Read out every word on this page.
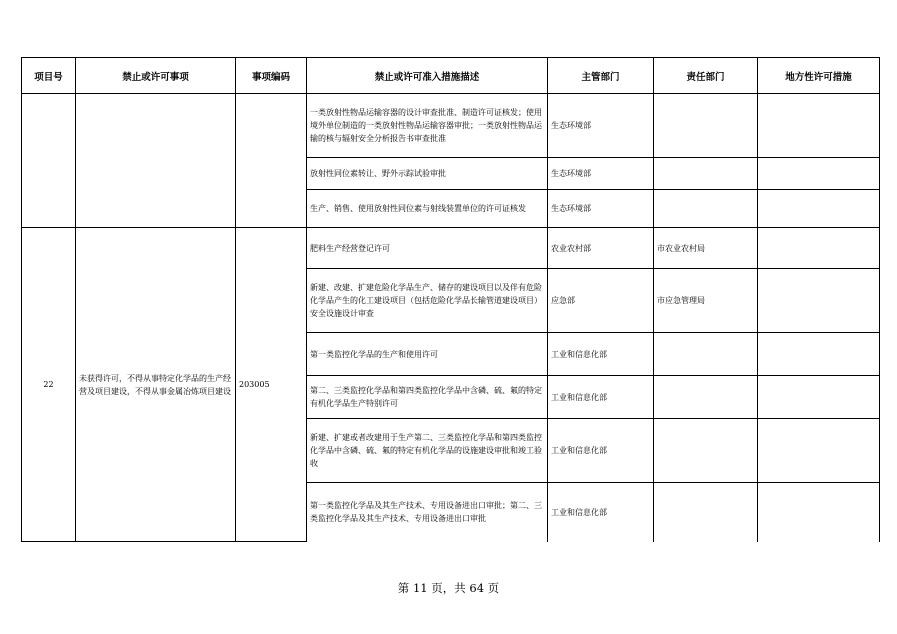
项目号	禁止或许可事项	事项编码	禁止或许可准入措施描述	主管部门	责任部门	地方性许可措施
			一类放射性物品运输容器的设计审查批准、制造许可证核发；使用境外单位制造的一类放射性物品运输容器审批；一类放射性物品运输的核与辐射安全分析报告书审查批准	生态环境部		
			放射性同位素转让、野外示踪试验审批	生态环境部		
			生产、销售、使用放射性同位素与射线装置单位的许可证核发	生态环境部		
22	未获得许可，不得从事特定化学品的生产经营及项目建设，不得从事金属冶炼项目建设	203005	肥料生产经营登记许可	农业农村部	市农业农村局	
			新建、改建、扩建危险化学品生产、储存的建设项目以及伴有危险化学品产生的化工建设项目（包括危险化学品长输管道建设项目）安全设施设计审查	应急部	市应急管理局	
			第一类监控化学品的生产和使用许可	工业和信息化部		
			第二、三类监控化学品和第四类监控化学品中含磷、硫、氟的特定有机化学品生产特别许可	工业和信息化部		
			新建、扩建或者改建用于生产第二、三类监控化学品和第四类监控化学品中含磷、硫、氟的特定有机化学品的设施建设审批和竣工验收	工业和信息化部		
			第一类监控化学品及其生产技术、专用设备进出口审批；第二、三类监控化学品及其生产技术、专用设备进出口审批	工业和信息化部		
第 11 页，共 64 页
